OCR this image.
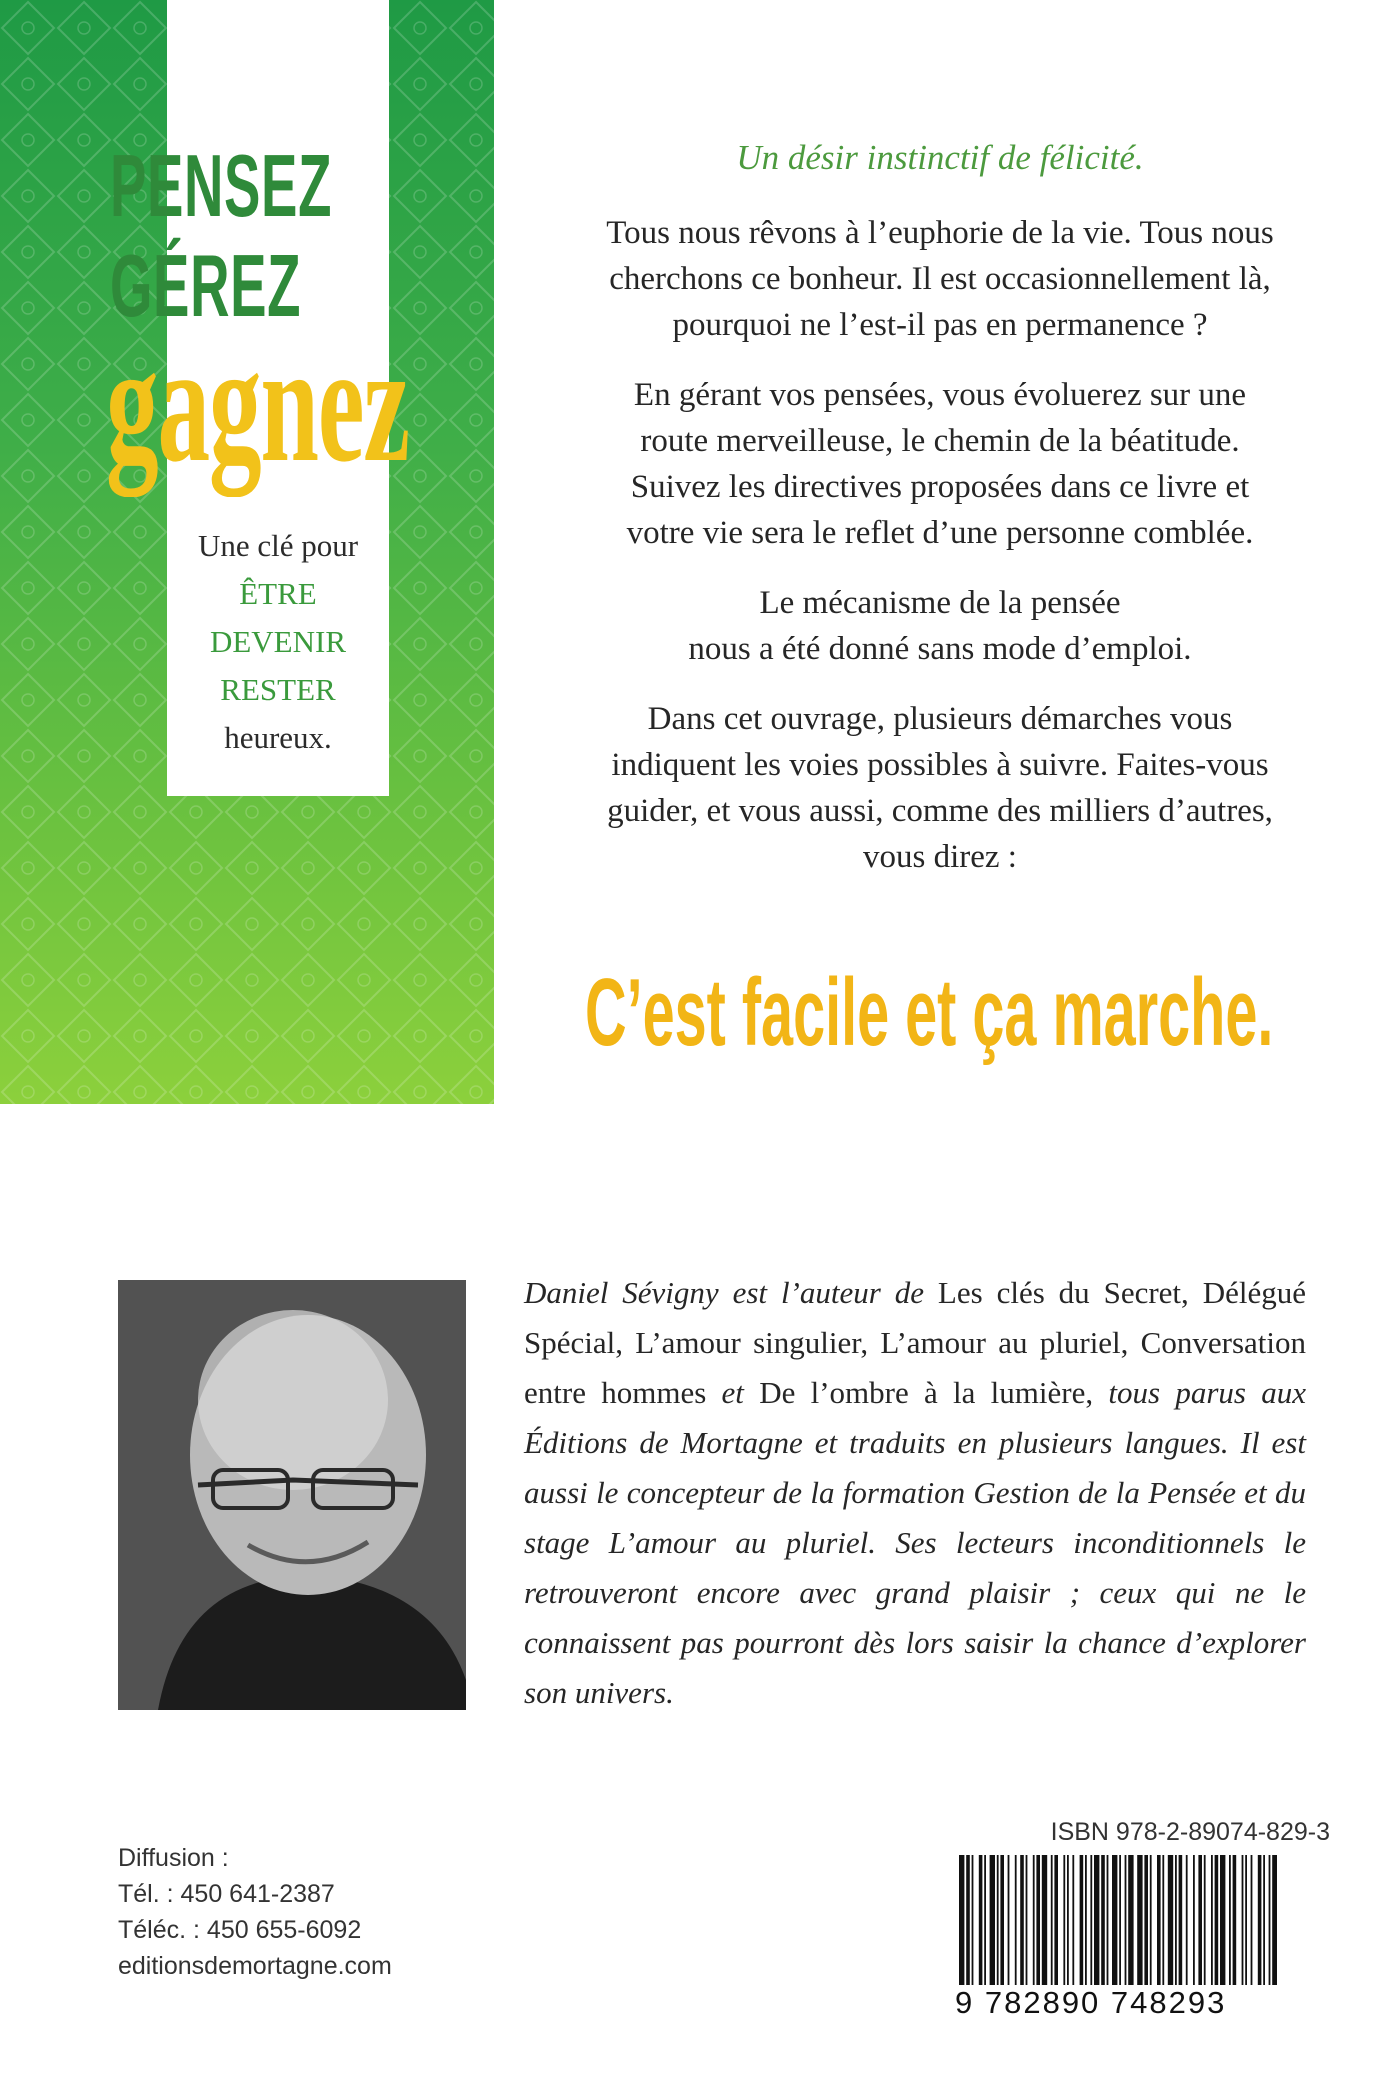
PENSEZ
GÉREZ
gagnez
Une clé pour
ÊTRE
DEVENIR
RESTER
heureux.
Un désir instinctif de félicité.

Tous nous rêvons à l’euphorie de la vie. Tous nous
cherchons ce bonheur. Il est occasionnellement là,
pourquoi ne l’est-il pas en permanence ?

En gérant vos pensées, vous évoluerez sur une
route merveilleuse, le chemin de la béatitude.
Suivez les directives proposées dans ce livre et
votre vie sera le reflet d’une personne comblée.

Le mécanisme de la pensée
nous a été donné sans mode d’emploi.

Dans cet ouvrage, plusieurs démarches vous
indiquent les voies possibles à suivre. Faites-vous
guider, et vous aussi, comme des milliers d’autres,
vous direz :

C’est facile et ça marche.

Daniel Sévigny est l’auteur de Les clés du Secret, Délégué Spécial, L’amour singulier, L’amour au pluriel, Conversation entre hommes et De l’ombre à la lumière, tous parus aux Éditions de Mortagne et traduits en plusieurs langues. Il est aussi le concepteur de la formation Gestion de la Pensée et du stage L’amour au pluriel. Ses lecteurs inconditionnels le retrouveront encore avec grand plaisir ; ceux qui ne le connaissent pas pourront dès lors saisir la chance d’explorer son univers.

Diffusion :
Tél. : 450 641-2387
Téléc. : 450 655-6092
editionsdemortagne.com
ISBN 978-2-89074-829-3
9 782890 748293
